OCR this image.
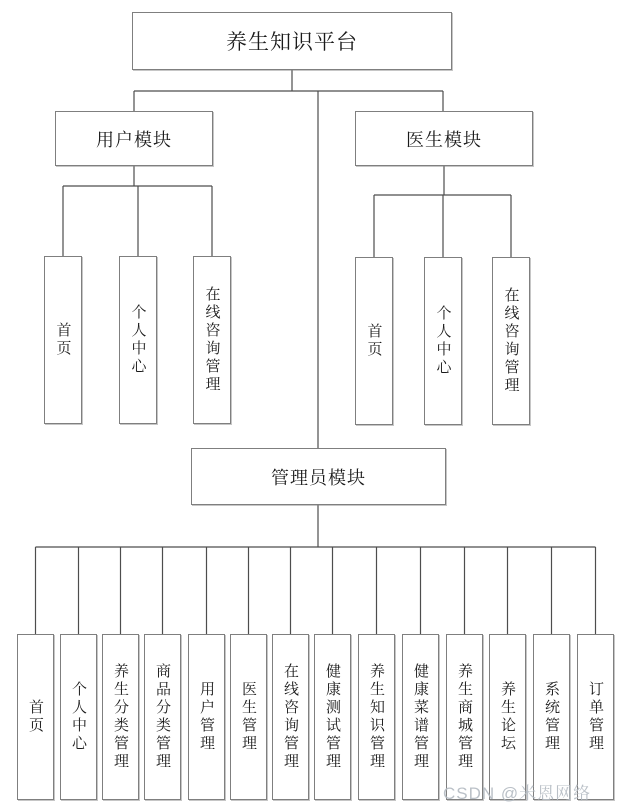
养生知识平台
用户模块	医生模块
首页	个人中心	在线咨询管理	首页	个人中心	在线咨询管理
管理员模块
首页 个人中心 养生分类管理 商品分类管理 用户管理 医生管理 在线咨询管理 健康测试管理 养生知识管理 健康菜谱管理 养生商城管理 养生论坛 系统管理 订单管理
CSDN @米恩网络
